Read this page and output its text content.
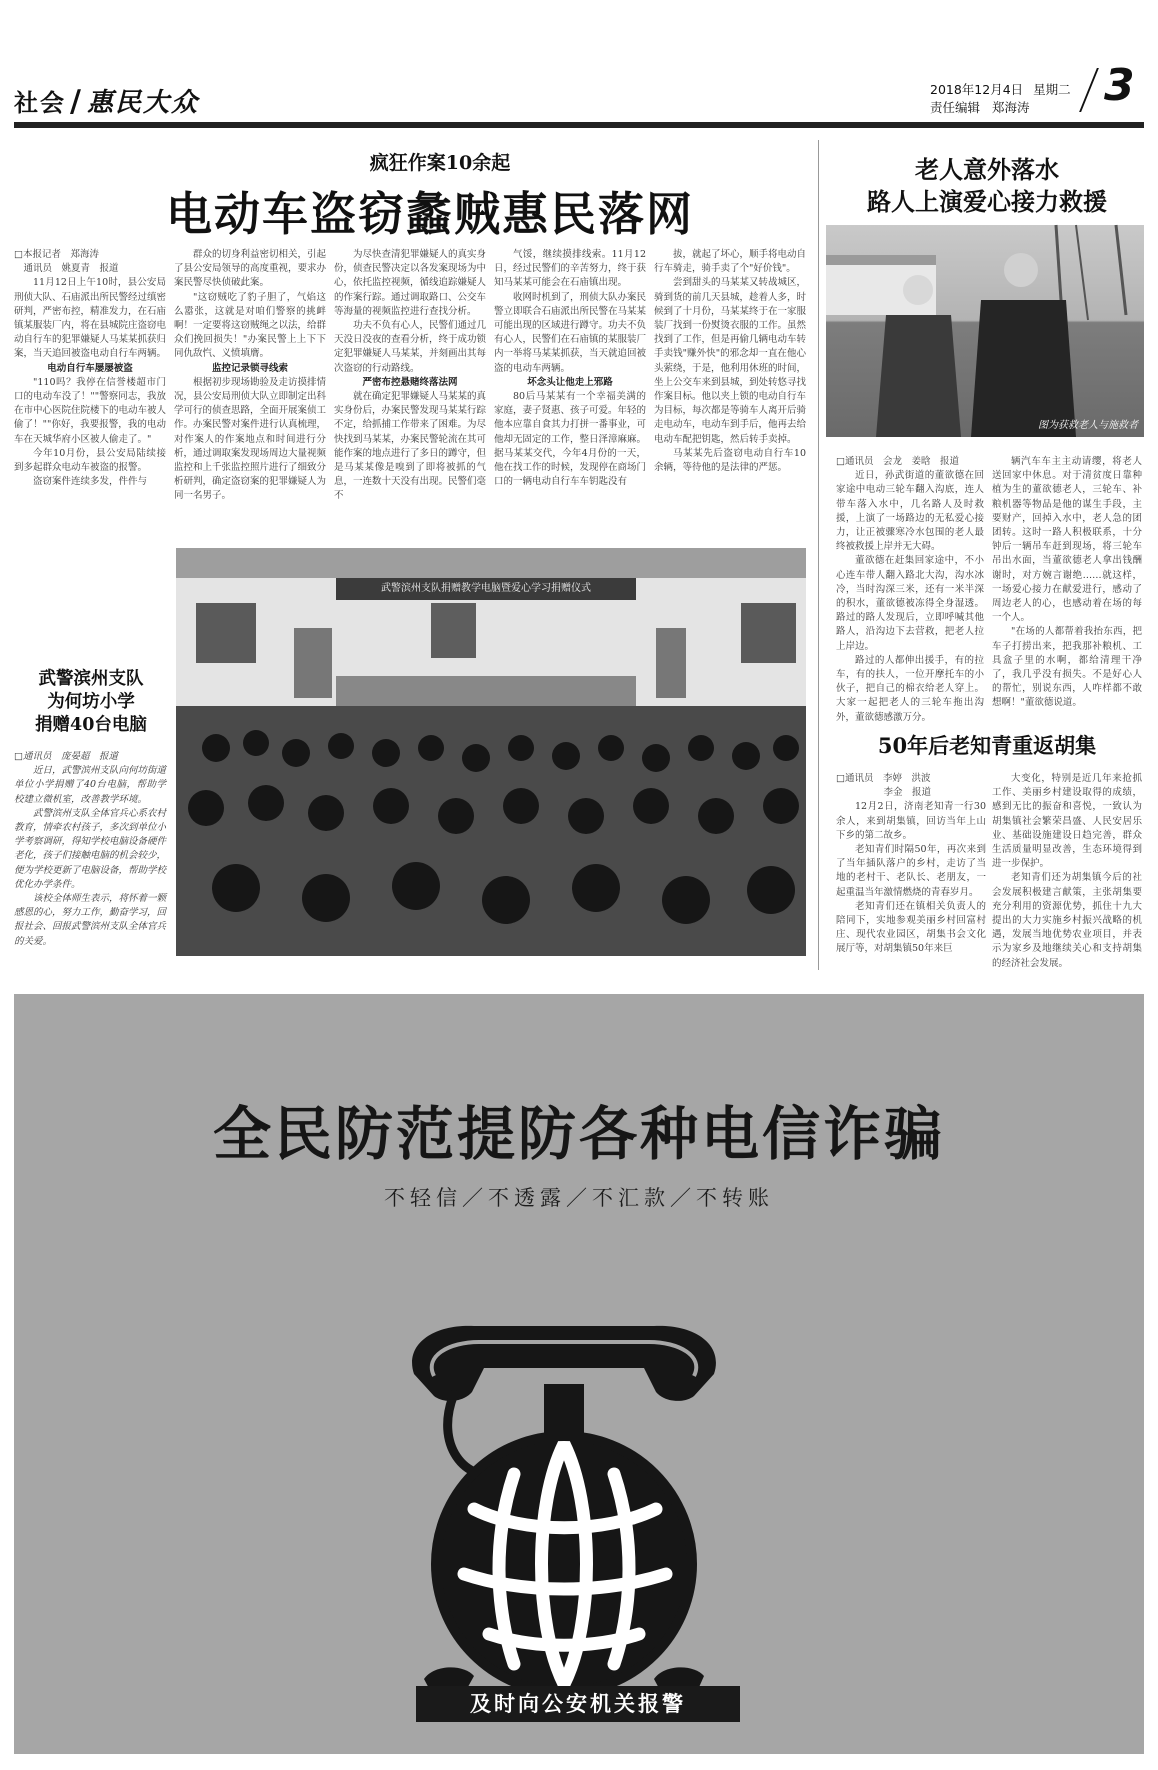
社会 / 惠民大众	2018年12月4日 星期二
责任编辑 郑海涛 3
疯狂作案10余起
电动车盗窃蠡贼惠民落网

□本报记者　郑海涛

　通讯员　姚夏青　报道

11月12日上午10时，县公安局刑侦大队、石庙派出所民警经过缜密研判，严密布控，精准发力，在石庙镇某服装厂内，将在县城院庄盗窃电动自行车的犯罪嫌疑人马某某抓获归案，当天追回被盗电动自行车两辆。

电动自行车屡屡被盗

"110吗？我停在信誉楼超市门口的电动车没了！""警察同志，我放在市中心医院住院楼下的电动车被人偷了！""你好，我要报警，我的电动车在天城华府小区被人偷走了。"

今年10月份，县公安局陆续接到多起群众电动车被盗的报警。

盗窃案件连续多发，件件与

群众的切身利益密切相关，引起了县公安局领导的高度重视，要求办案民警尽快侦破此案。

"这窃贼吃了豹子胆了，气焰这么嚣张，这就是对咱们警察的挑衅啊！一定要将这窃贼绳之以法，给群众们挽回损失！"办案民警上上下下同仇敌忾、义愤填膺。

监控记录锁寻线索

根据初步现场勘验及走访摸排情况，县公安局刑侦大队立即制定出科学可行的侦查思路，全面开展案侦工作。办案民警对案件进行认真梳理，对作案人的作案地点和时间进行分析，通过调取案发现场周边大量视频监控和上千张监控照片进行了细致分析研判，确定盗窃案的犯罪嫌疑人为同一名男子。

为尽快查清犯罪嫌疑人的真实身份，侦查民警决定以各发案现场为中心，依托监控视频，循线追踪嫌疑人的作案行踪。通过调取路口、公交车等海量的视频监控进行查找分析。

功夫不负有心人，民警们通过几天没日没夜的查看分析，终于成功锁定犯罪嫌疑人马某某，并刻画出其每次盗窃的行动路线。

严密布控悬赌终落法网

就在确定犯罪嫌疑人马某某的真实身份后，办案民警发现马某某行踪不定，给抓捕工作带来了困难。为尽快找到马某某，办案民警轮流在其可能作案的地点进行了多日的蹲守，但是马某某像是嗅到了即将被抓的气息，一连数十天没有出现。民警们毫不

气馁，继续摸排线索。11月12日，经过民警们的辛苦努力，终于获知马某某可能会在石庙镇出现。

收网时机到了，刑侦大队办案民警立即联合石庙派出所民警在马某某可能出现的区域进行蹲守。功夫不负有心人，民警们在石庙镇的某服装厂内一举将马某某抓获，当天就追回被盗的电动车两辆。

坏念头让他走上邪路

80后马某某有一个幸福美满的家庭，妻子贤惠、孩子可爱。年轻的他本应靠自食其力打拼一番事业，可他却无固定的工作，整日泽漳麻麻。据马某某交代，今年4月份的一天，他在找工作的时候，发现停在商场门口的一辆电动自行车车钥匙没有

拔，就起了坏心，顺手将电动自行车骑走，骑手卖了个"好价钱"。

尝到甜头的马某某又转战城区，骑到货的前几天县城，趁着人多，时候到了十月份，马某某终于在一家服装厂找到一份熨烫衣服的工作。虽然找到了工作，但是再偷几辆电动车转手卖钱"赚外快"的邪念却一直在他心头萦绕，于是，他利用休班的时间，坐上公交车来到县城，到处转悠寻找作案目标。他以夹上锁的电动自行车为目标，每次都是等骑车人离开后骑走电动车，电动车到手后，他再去给电动车配把钥匙，然后转手卖掉。

马某某先后盗窃电动自行车10余辆，等待他的是法律的严惩。

老人意外落水
路人上演爱心接力救援
图为获救老人与施救者

□通讯员　会龙　姜晗　报道

近日，孙武街道的董欲德在回家途中电动三轮车翻入沟底，连人带车落入水中，几名路人及时救援，上演了一场路边的无私爱心接力，让正被骤寒冷水包围的老人最终被救援上岸并无大碍。

董欲德在赶集回家途中，不小心连车带人翻入路北大沟，沟水冰冷，当时沟深三米，还有一米半深的积水，董欲德被冻得全身湿透。路过的路人发现后，立即呼喊其他路人，沿沟边下去营救，把老人拉上岸边。

路过的人都伸出援手，有的拉车，有的扶人，一位开摩托车的小伙子，把自己的棉衣给老人穿上。大家一起把老人的三轮车拖出沟外，董欲德感激万分。

辆汽车车主主动请缨，将老人送回家中休息。对于清贫度日靠种植为生的董欲德老人，三轮车、补粮机器等物品是他的谋生手段，主要财产，回掉入水中，老人急的团团转。这时一路人积极联系，十分钟后一辆吊车赶到现场，将三轮车吊出水面，当董欲德老人拿出钱酬谢时，对方婉言谢绝……就这样，一场爱心接力在献爱进行，感动了周边老人的心，也感动着在场的每一个人。

"在场的人都帮着我抬东西，把车子打捞出来，把我那补粮机、工具盒子里的水啊，都给清理干净了，我几乎没有损失。不是好心人的帮忙，别说东西，人咋样都不敢想啊！"董欲德说道。

武警滨州支队捐赠教学电脑暨爱心学习捐赠仪式
武警滨州支队
为何坊小学
捐赠40台电脑

□通讯员　庞晏超　报道

近日，武警滨州支队向何坊街道单位小学捐赠了40台电脑，帮助学校建立微机室，改善教学环境。

武警滨州支队全体官兵心系农村教育，情牵农村孩子，多次到单位小学考察调研，得知学校电脑设备硬件老化，孩子们接触电脑的机会较少，便为学校更新了电脑设备，帮助学校优化办学条件。

该校全体师生表示，将怀着一颗感恩的心，努力工作，勤奋学习，回报社会、回报武警滨州支队全体官兵的关爱。

50年后老知青重返胡集

□通讯员　李婷　洪波

　　　　　李金　报道

12月2日，济南老知青一行30余人，来到胡集镇，回访当年上山下乡的第二故乡。

老知青们时隔50年，再次来到了当年插队落户的乡村，走访了当地的老村干、老队长、老朋友，一起重温当年激情燃烧的青春岁月。

老知青们还在镇相关负责人的陪同下，实地参观美丽乡村回富村庄、现代农业园区，胡集书会文化展厅等，对胡集镇50年来巨

大变化，特别是近几年来抢抓工作、美丽乡村建设取得的成绩，感到无比的振奋和喜悦，一致认为胡集镇社会繁荣昌盛、人民安居乐业、基础设施建设日趋完善，群众生活质量明显改善，生态环境得到进一步保护。

老知青们还为胡集镇今后的社会发展积极建言献策，主张胡集要充分利用的资源优势，抓住十九大提出的大力实施乡村振兴战略的机遇，发展当地优势农业项目，并表示为家乡及地继续关心和支持胡集的经济社会发展。

全民防范提防各种电信诈骗
不轻信／不透露／不汇款／不转账
及时向公安机关报警
